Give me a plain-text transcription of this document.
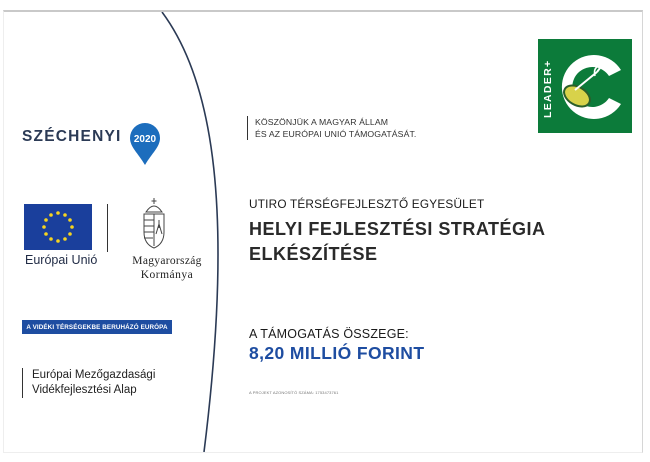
SZÉCHENYI 2020
Európai Unió	Magyarország
Kormánya
A VIDÉKI TÉRSÉGEKBE BERUHÁZÓ EURÓPA
Európai Mezőgazdasági
Vidékfejlesztési Alap
KÖSZÖNJÜK A MAGYAR ÁLLAM
ÉS AZ EURÓPAI UNIÓ TÁMOGATÁSÁT.
UTIRO TÉRSÉGFEJLESZTŐ EGYESÜLET
HELYI FEJLESZTÉSI STRATÉGIA
ELKÉSZÍTÉSE
A TÁMOGATÁS ÖSSZEGE:
8,20 MILLIÓ FORINT
A PROJEKT AZONOSÍTÓ SZÁMA: 1753473761
LEADER+
